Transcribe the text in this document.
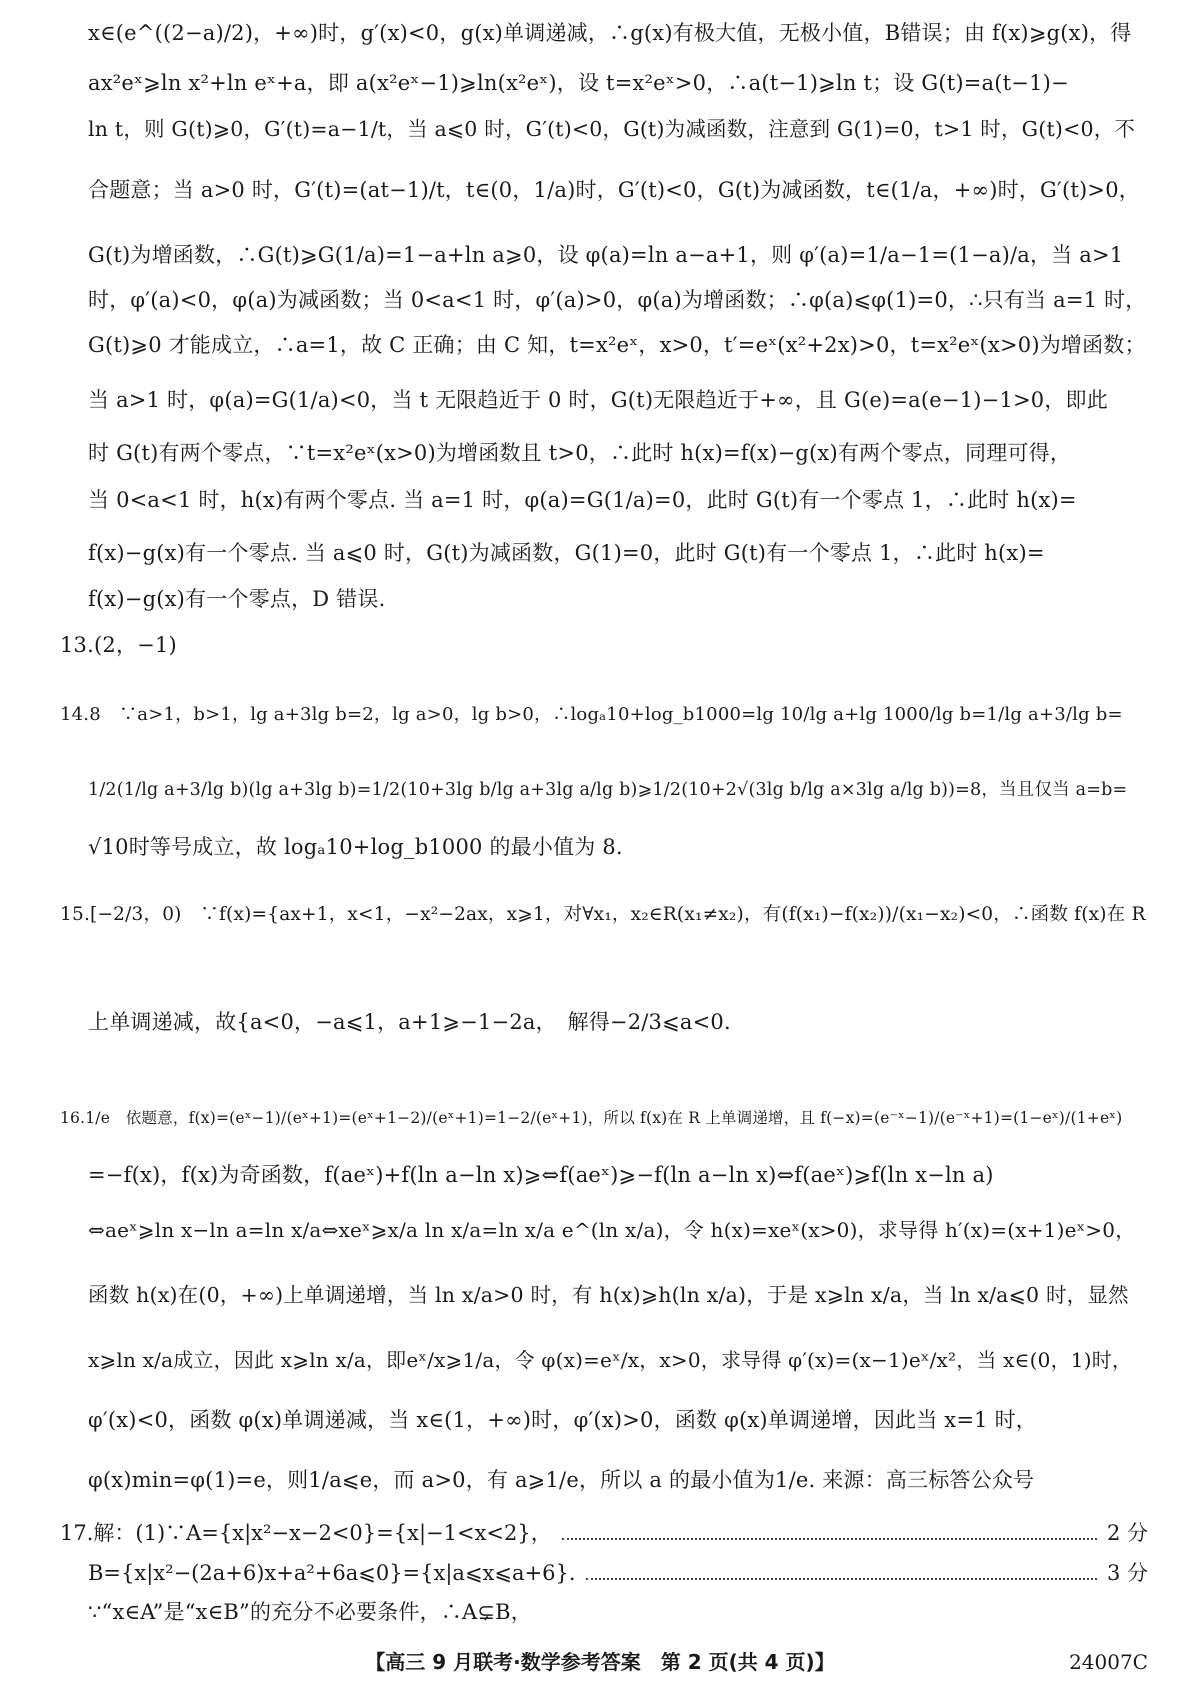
x∈(e^((2−a)/2)，+∞)时，g′(x)<0，g(x)单调递减，∴g(x)有极大值，无极小值，B错误；由 f(x)⩾g(x)，得
ax²eˣ⩾ln x²+ln eˣ+a，即 a(x²eˣ−1)⩾ln(x²eˣ)，设 t=x²eˣ>0，∴a(t−1)⩾ln t；设 G(t)=a(t−1)−
ln t，则 G(t)⩾0，G′(t)=a−1/t，当 a⩽0 时，G′(t)<0，G(t)为减函数，注意到 G(1)=0，t>1 时，G(t)<0，不
合题意；当 a>0 时，G′(t)=(at−1)/t，t∈(0，1/a)时，G′(t)<0，G(t)为减函数，t∈(1/a，+∞)时，G′(t)>0，
G(t)为增函数，∴G(t)⩾G(1/a)=1−a+ln a⩾0，设 φ(a)=ln a−a+1，则 φ′(a)=1/a−1=(1−a)/a，当 a>1
时，φ′(a)<0，φ(a)为减函数；当 0<a<1 时，φ′(a)>0，φ(a)为增函数；∴φ(a)⩽φ(1)=0，∴只有当 a=1 时，
G(t)⩾0 才能成立，∴a=1，故 C 正确；由 C 知，t=x²eˣ，x>0，t′=eˣ(x²+2x)>0，t=x²eˣ(x>0)为增函数；
当 a>1 时，φ(a)=G(1/a)<0，当 t 无限趋近于 0 时，G(t)无限趋近于+∞，且 G(e)=a(e−1)−1>0，即此
时 G(t)有两个零点，∵t=x²eˣ(x>0)为增函数且 t>0，∴此时 h(x)=f(x)−g(x)有两个零点，同理可得，
当 0<a<1 时，h(x)有两个零点. 当 a=1 时，φ(a)=G(1/a)=0，此时 G(t)有一个零点 1，∴此时 h(x)=
f(x)−g(x)有一个零点. 当 a⩽0 时，G(t)为减函数，G(1)=0，此时 G(t)有一个零点 1，∴此时 h(x)=
f(x)−g(x)有一个零点，D 错误.
13.(2，−1)
14.8　∵a>1，b>1，lg a+3lg b=2，lg a>0，lg b>0，∴logₐ10+log_b1000=lg 10/lg a+lg 1000/lg b=1/lg a+3/lg b=
1/2(1/lg a+3/lg b)(lg a+3lg b)=1/2(10+3lg b/lg a+3lg a/lg b)⩾1/2(10+2√(3lg b/lg a×3lg a/lg b))=8，当且仅当 a=b=
√10时等号成立，故 logₐ10+log_b1000 的最小值为 8.
15.[−2/3，0)　∵f(x)={ax+1，x<1，−x²−2ax，x⩾1，对∀x₁，x₂∈R(x₁≠x₂)，有(f(x₁)−f(x₂))/(x₁−x₂)<0，∴函数 f(x)在 R
上单调递减，故{a<0，−a⩽1，a+1⩾−1−2a，　解得−2/3⩽a<0.
16.1/e　依题意，f(x)=(eˣ−1)/(eˣ+1)=(eˣ+1−2)/(eˣ+1)=1−2/(eˣ+1)，所以 f(x)在 R 上单调递增，且 f(−x)=(e⁻ˣ−1)/(e⁻ˣ+1)=(1−eˣ)/(1+eˣ)
=−f(x)，f(x)为奇函数，f(aeˣ)+f(ln a−ln x)⩾⇔f(aeˣ)⩾−f(ln a−ln x)⇔f(aeˣ)⩾f(ln x−ln a)
⇔aeˣ⩾ln x−ln a=ln x/a⇔xeˣ⩾x/a ln x/a=ln x/a e^(ln x/a)，令 h(x)=xeˣ(x>0)，求导得 h′(x)=(x+1)eˣ>0，
函数 h(x)在(0，+∞)上单调递增，当 ln x/a>0 时，有 h(x)⩾h(ln x/a)，于是 x⩾ln x/a，当 ln x/a⩽0 时，显然
x⩾ln x/a成立，因此 x⩾ln x/a，即eˣ/x⩾1/a，令 φ(x)=eˣ/x，x>0，求导得 φ′(x)=(x−1)eˣ/x²，当 x∈(0，1)时，
φ′(x)<0，函数 φ(x)单调递减，当 x∈(1，+∞)时，φ′(x)>0，函数 φ(x)单调递增，因此当 x=1 时，
φ(x)min=φ(1)=e，则1/a⩽e，而 a>0，有 a⩾1/e，所以 a 的最小值为1/e. 来源：高三标答公众号
17.解：(1)∵A={x|x²−x−2<0}={x|−1<x<2}，	2 分
B={x|x²−(2a+6)x+a²+6a⩽0}={x|a⩽x⩽a+6}.	3 分
∵“x∈A”是“x∈B”的充分不必要条件，∴A⊊B，
【高三 9 月联考·数学参考答案　第 2 页(共 4 页)】	24007C
